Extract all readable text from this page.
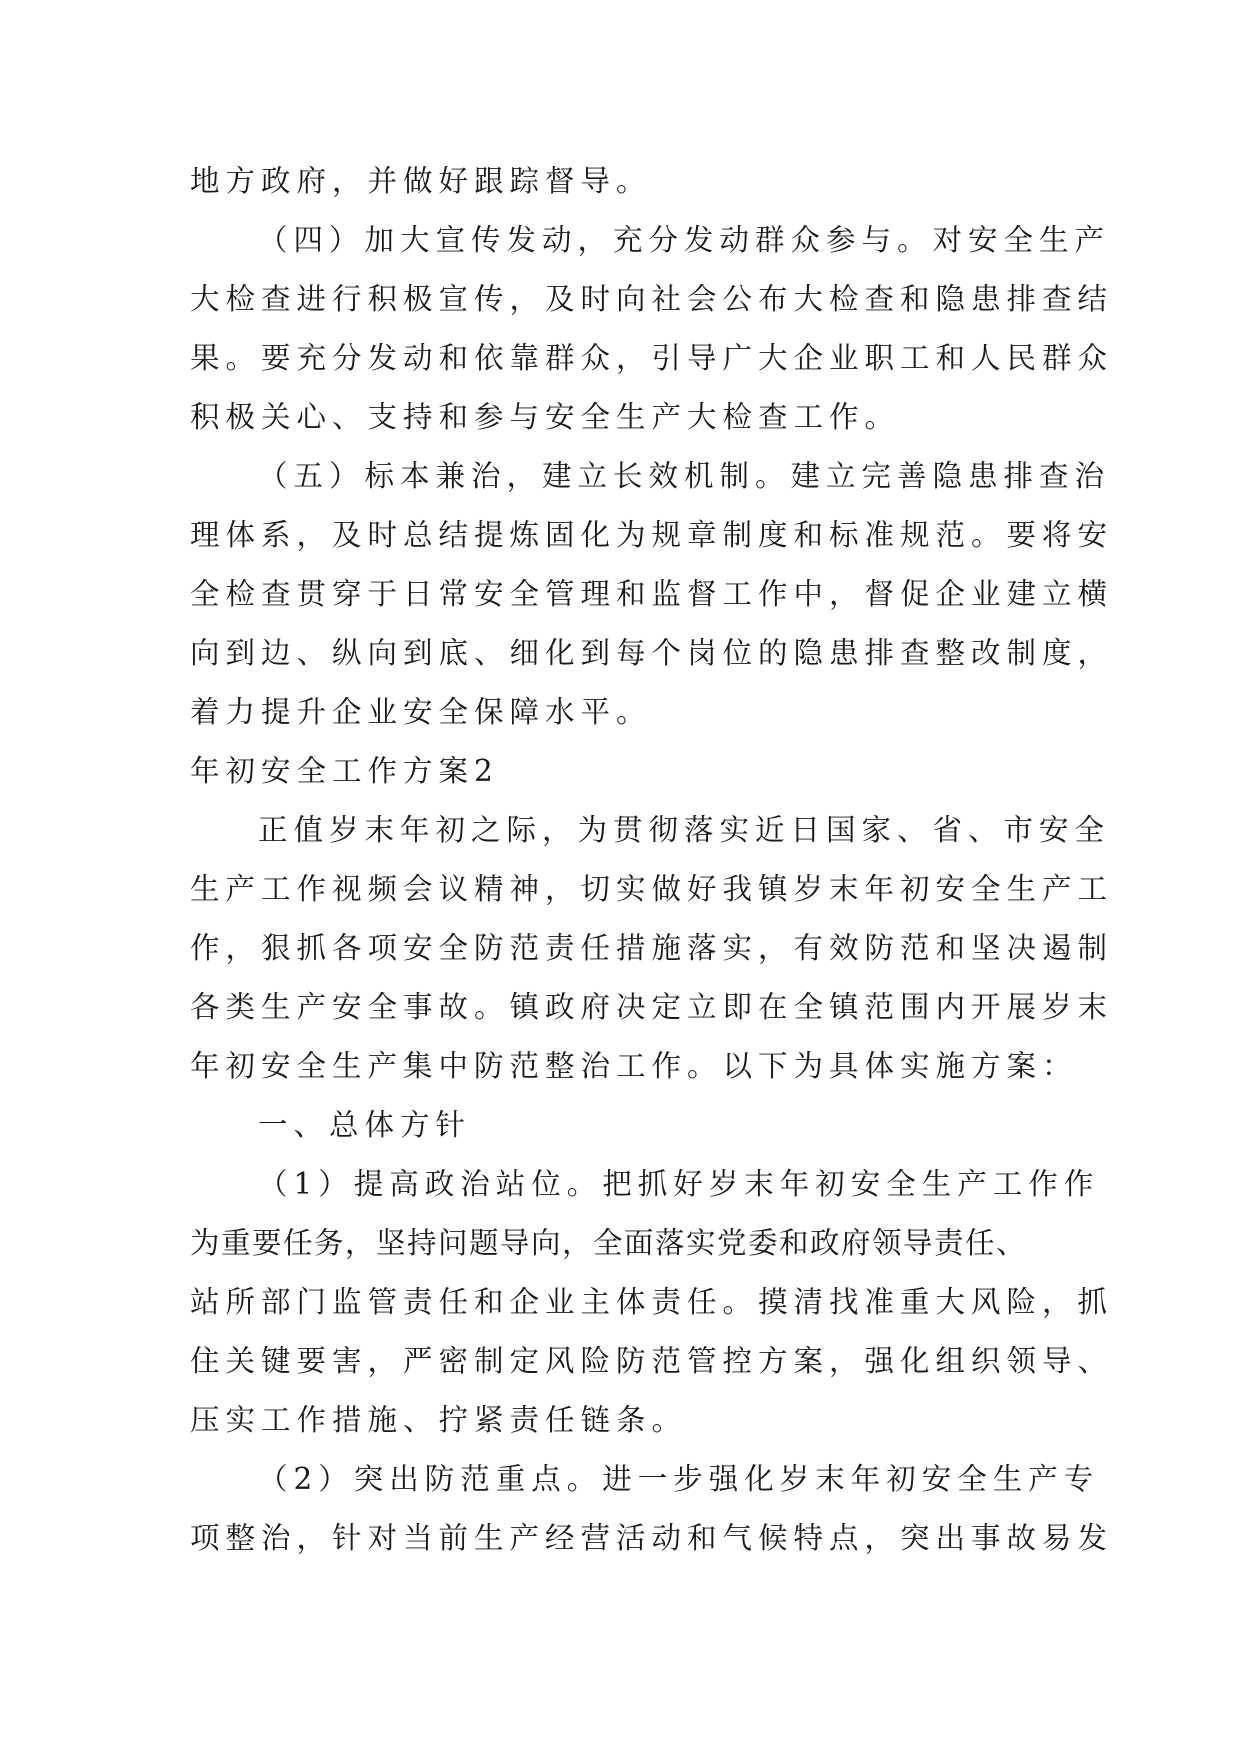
地方政府，并做好跟踪督导。
（四）加大宣传发动，充分发动群众参与。对安全生产
大检查进行积极宣传，及时向社会公布大检查和隐患排查结
果。要充分发动和依靠群众，引导广大企业职工和人民群众
积极关心、支持和参与安全生产大检查工作。
（五）标本兼治，建立长效机制。建立完善隐患排查治
理体系，及时总结提炼固化为规章制度和标准规范。要将安
全检查贯穿于日常安全管理和监督工作中，督促企业建立横
向到边、纵向到底、细化到每个岗位的隐患排查整改制度，
着力提升企业安全保障水平。
年初安全工作方案2
正值岁末年初之际，为贯彻落实近日国家、省、市安全
生产工作视频会议精神，切实做好我镇岁末年初安全生产工
作，狠抓各项安全防范责任措施落实，有效防范和坚决遏制
各类生产安全事故。镇政府决定立即在全镇范围内开展岁末
年初安全生产集中防范整治工作。以下为具体实施方案：
一、总体方针
（1）提高政治站位。把抓好岁末年初安全生产工作作
为重要任务，坚持问题导向，全面落实党委和政府领导责任、
站所部门监管责任和企业主体责任。摸清找准重大风险，抓
住关键要害，严密制定风险防范管控方案，强化组织领导、
压实工作措施、拧紧责任链条。
（2）突出防范重点。进一步强化岁末年初安全生产专
项整治，针对当前生产经营活动和气候特点，突出事故易发
